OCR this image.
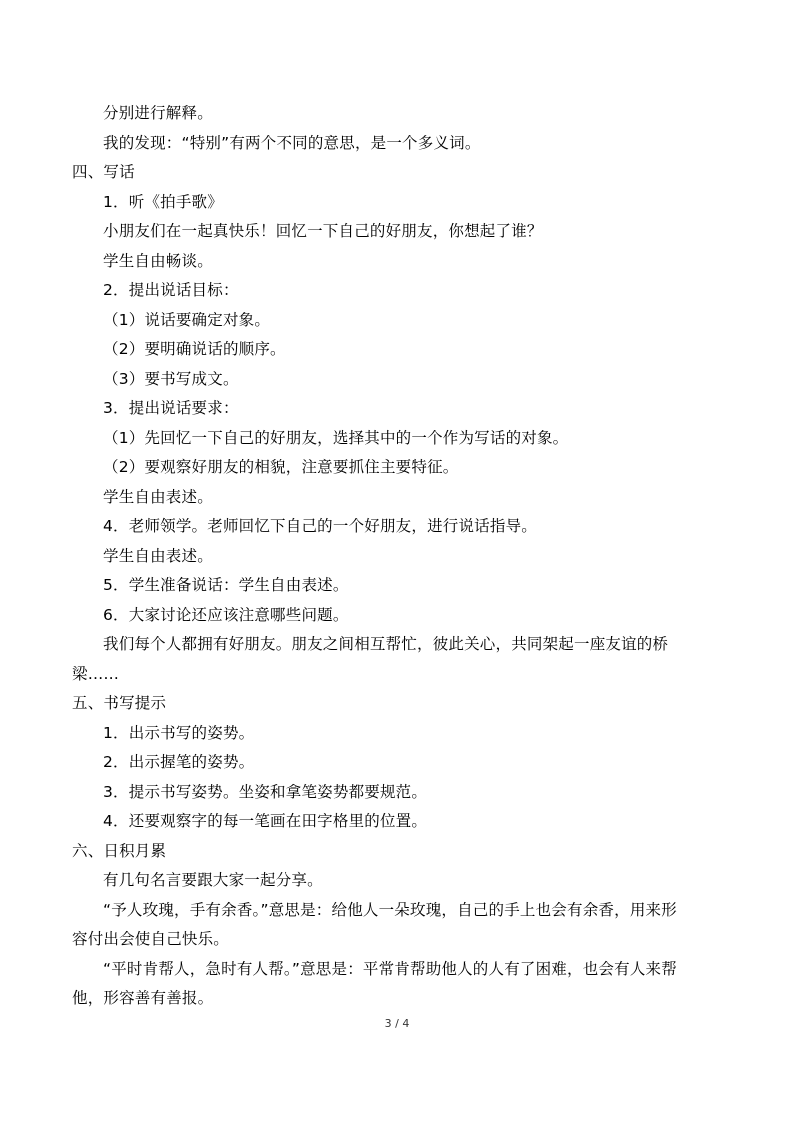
分别进行解释。
我的发现：“特别”有两个不同的意思，是一个多义词。
四、写话
1．听《拍手歌》
小朋友们在一起真快乐！回忆一下自己的好朋友，你想起了谁？
学生自由畅谈。
2．提出说话目标：
（1）说话要确定对象。
（2）要明确说话的顺序。
（3）要书写成文。
3．提出说话要求：
（1）先回忆一下自己的好朋友，选择其中的一个作为写话的对象。
（2）要观察好朋友的相貌，注意要抓住主要特征。
学生自由表述。
4．老师领学。老师回忆下自己的一个好朋友，进行说话指导。
学生自由表述。
5．学生准备说话：学生自由表述。
6．大家讨论还应该注意哪些问题。
我们每个人都拥有好朋友。朋友之间相互帮忙，彼此关心，共同架起一座友谊的桥
梁……
五、书写提示
1．出示书写的姿势。
2．出示握笔的姿势。
3．提示书写姿势。坐姿和拿笔姿势都要规范。
4．还要观察字的每一笔画在田字格里的位置。
六、日积月累
有几句名言要跟大家一起分享。
“予人玫瑰，手有余香。”意思是：给他人一朵玫瑰，自己的手上也会有余香，用来形
容付出会使自己快乐。
“平时肯帮人，急时有人帮。”意思是：平常肯帮助他人的人有了困难，也会有人来帮
他，形容善有善报。
3 / 4
